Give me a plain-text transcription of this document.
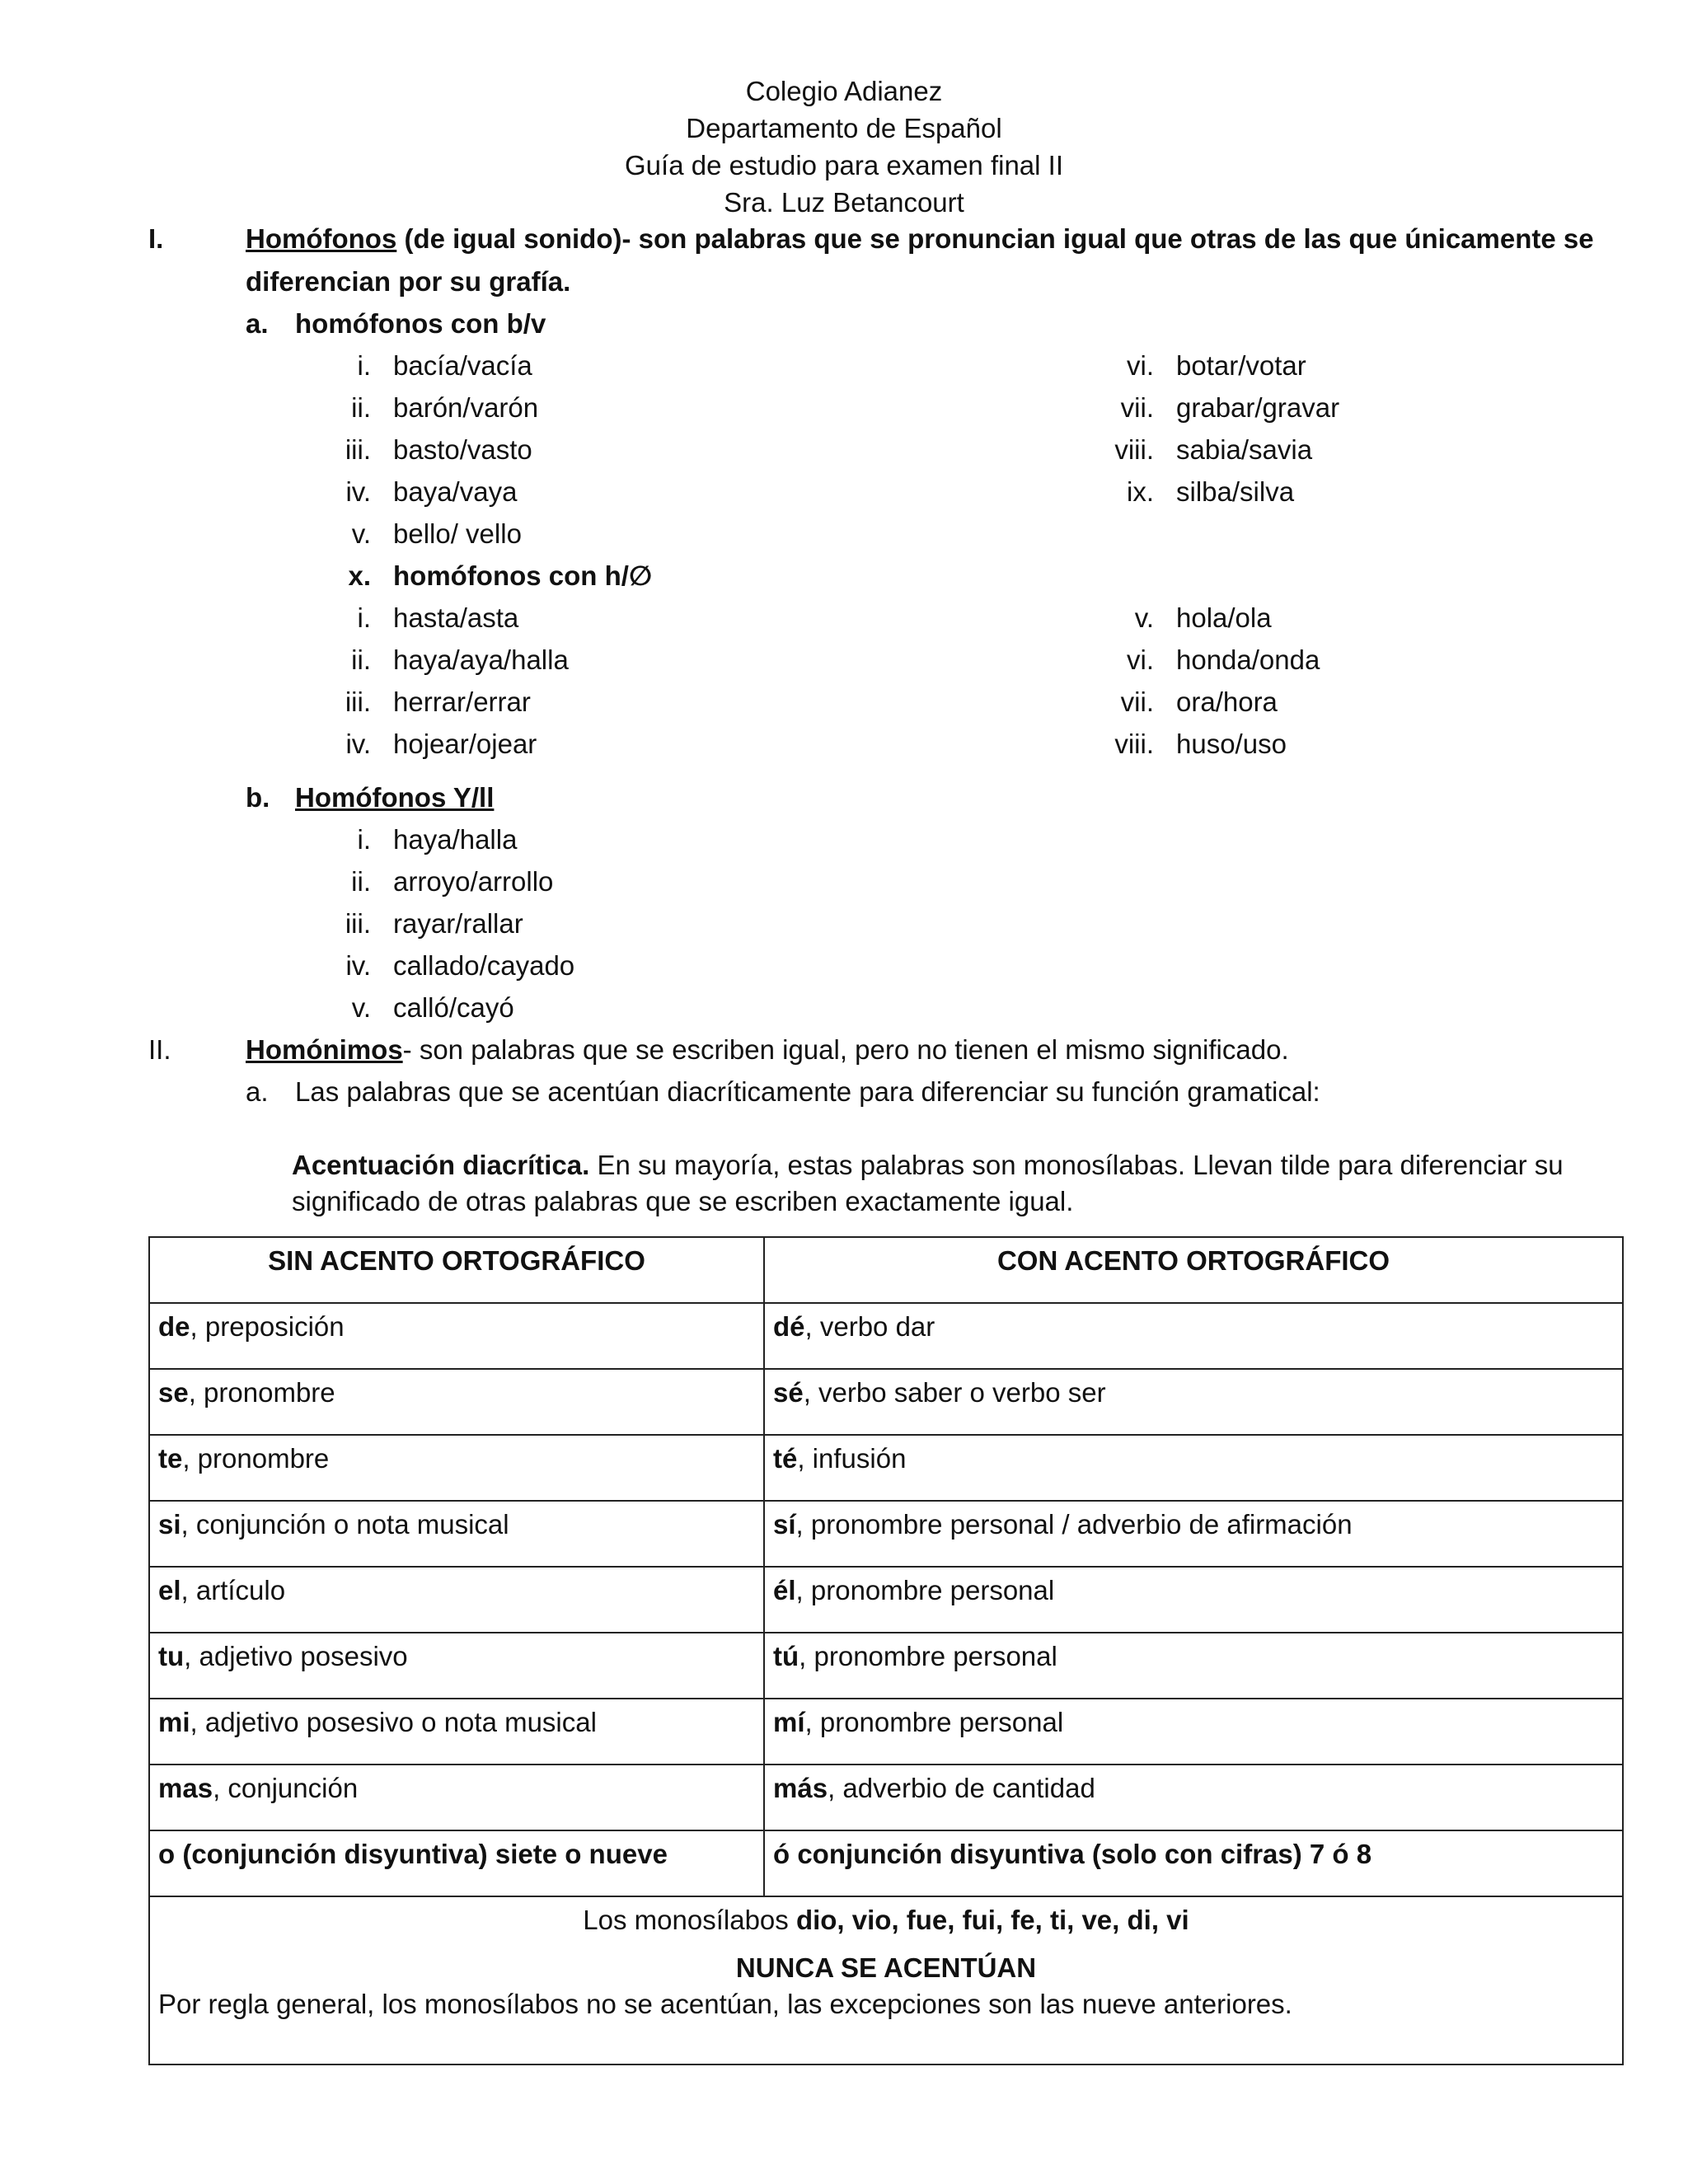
Colegio Adianez
Departamento de Español
Guía de estudio para examen final II
Sra. Luz Betancourt
I.	Homófonos (de igual sonido)- son palabras que se pronuncian igual que otras de las que únicamente se
diferencian por su grafía.
a. homófonos con b/v
i. bacía/vacía
ii. barón/varón
iii. basto/vasto
iv. baya/vaya
v. bello/ vello
vi. botar/votar
vii. grabar/gravar
viii. sabia/savia
ix. silba/silva
x. homófonos con h/∅
i. hasta/asta
ii. haya/aya/halla
iii. herrar/errar
iv. hojear/ojear
v. hola/ola
vi. honda/onda
vii. ora/hora
viii. huso/uso
b. Homófonos Y/ll
i. haya/halla
ii. arroyo/arrollo
iii. rayar/rallar
iv. callado/cayado
v. calló/cayó
II.	Homónimos- son palabras que se escriben igual, pero no tienen el mismo significado.
a. Las palabras que se acentúan diacríticamente para diferenciar su función gramatical:
Acentuación diacrítica. En su mayoría, estas palabras son monosílabas. Llevan tilde para diferenciar su
significado de otras palabras que se escriben exactamente igual.
SIN ACENTO ORTOGRÁFICO	CON ACENTO ORTOGRÁFICO
de, preposición	dé, verbo dar
se, pronombre	sé, verbo saber o verbo ser
te, pronombre	té, infusión
si, conjunción o nota musical	sí, pronombre personal / adverbio de afirmación
el, artículo	él, pronombre personal
tu, adjetivo posesivo	tú, pronombre personal
mi, adjetivo posesivo o nota musical	mí, pronombre personal
mas, conjunción	más, adverbio de cantidad
o (conjunción disyuntiva) siete o nueve	ó conjunción disyuntiva (solo con cifras) 7 ó 8

Los monosílabos dio, vio, fue, fui, fe, ti, ve, di, vi
NUNCA SE ACENTÚAN
Por regla general, los monosílabos no se acentúan, las excepciones son las nueve anteriores.	
